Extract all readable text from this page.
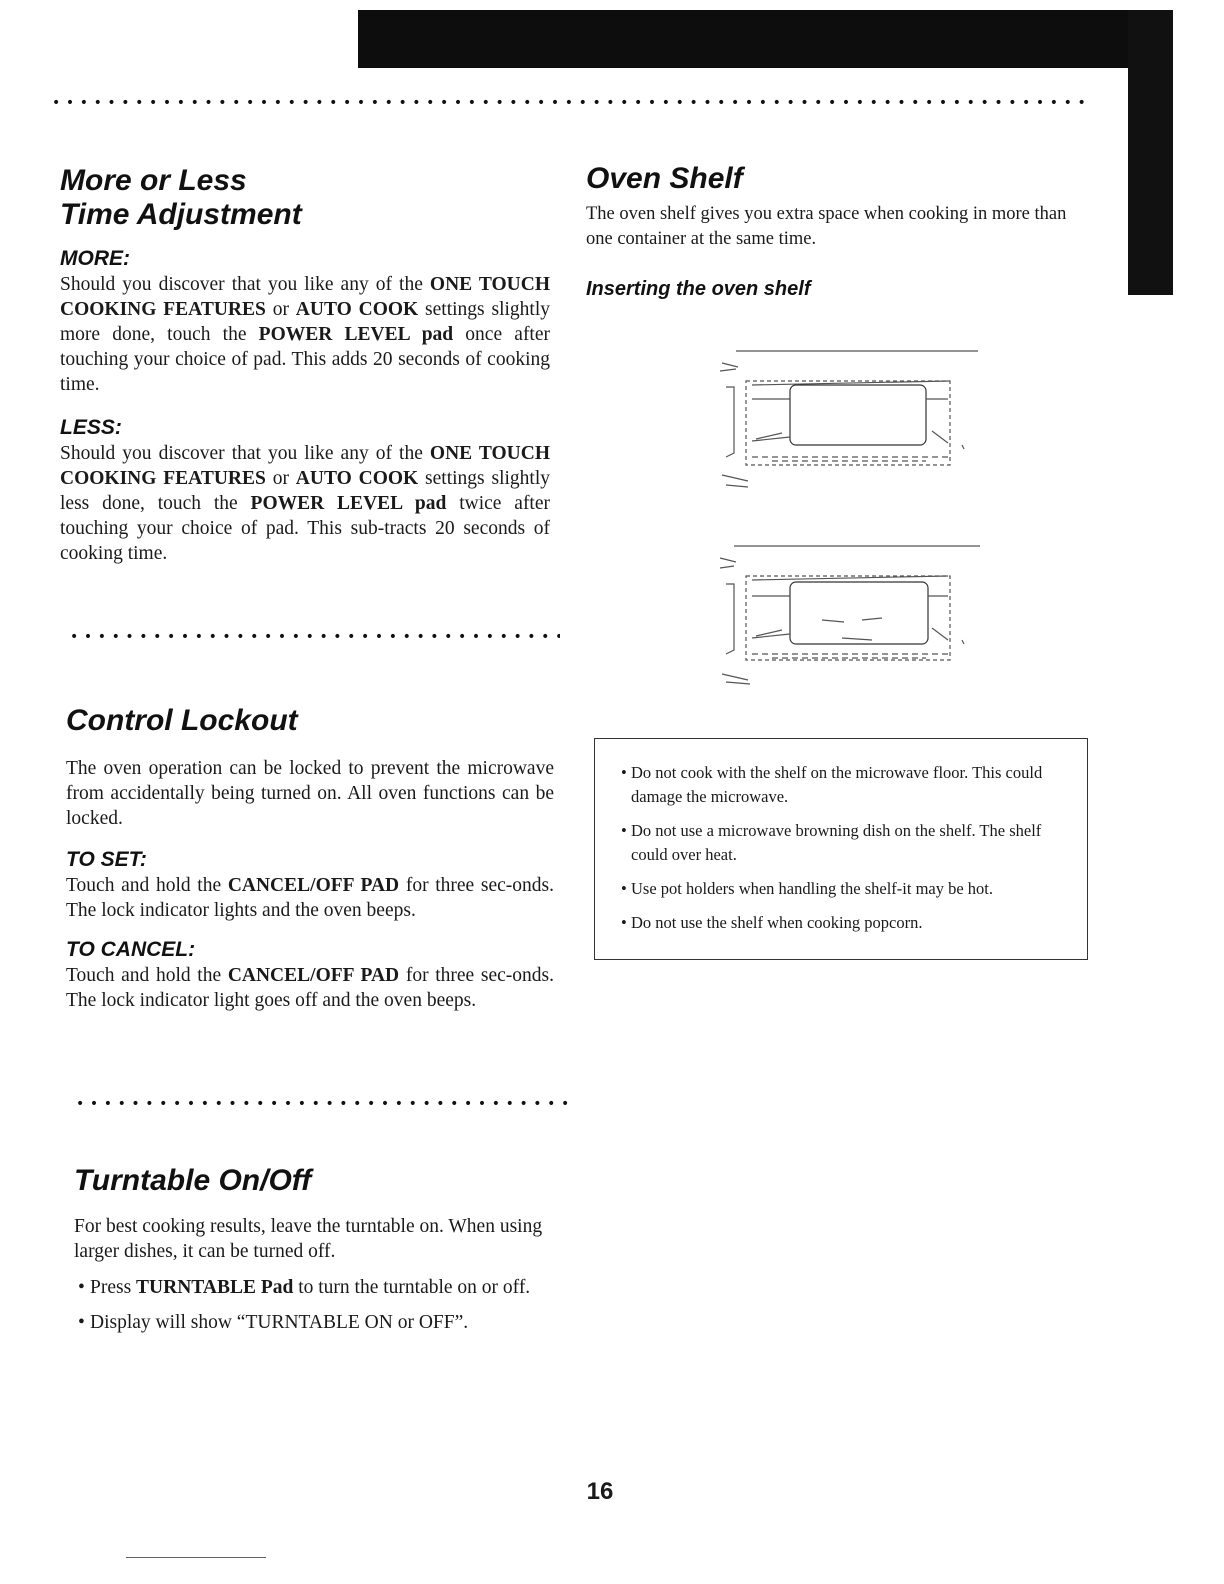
•••••
•••••
•••••
More or Less
Time Adjustment
MORE:

Should you discover that you like any of the ONE TOUCH COOKING FEATURES or AUTO COOK settings slightly more done, touch the POWER LEVEL pad once after touching your choice of pad. This adds 20 seconds of cooking time.

LESS:

Should you discover that you like any of the ONE TOUCH COOKING FEATURES or AUTO COOK settings slightly less done, touch the POWER LEVEL pad twice after touching your choice of pad. This sub-tracts 20 seconds of cooking time.

Control Lockout

The oven operation can be locked to prevent the microwave from accidentally being turned on. All oven functions can be locked.

TO SET:

Touch and hold the CANCEL/OFF PAD for three sec-onds. The lock indicator lights and the oven beeps.

TO CANCEL:

Touch and hold the CANCEL/OFF PAD for three sec-onds. The lock indicator light goes off and the oven beeps.

Turntable On/Off

For best cooking results, leave the turntable on. When using larger dishes, it can be turned off.

• Press TURNTABLE Pad to turn the turntable on or off.

• Display will show “TURNTABLE ON or OFF”.

Oven Shelf

The oven shelf gives you extra space when cooking in more than one container at the same time.

Inserting the oven shelf

• Do not cook with the shelf on the microwave floor. This could damage the microwave.

• Do not use a microwave browning dish on the shelf. The shelf could over heat.

• Use pot holders when handling the shelf-it may be hot.

• Do not use the shelf when cooking popcorn.

16
